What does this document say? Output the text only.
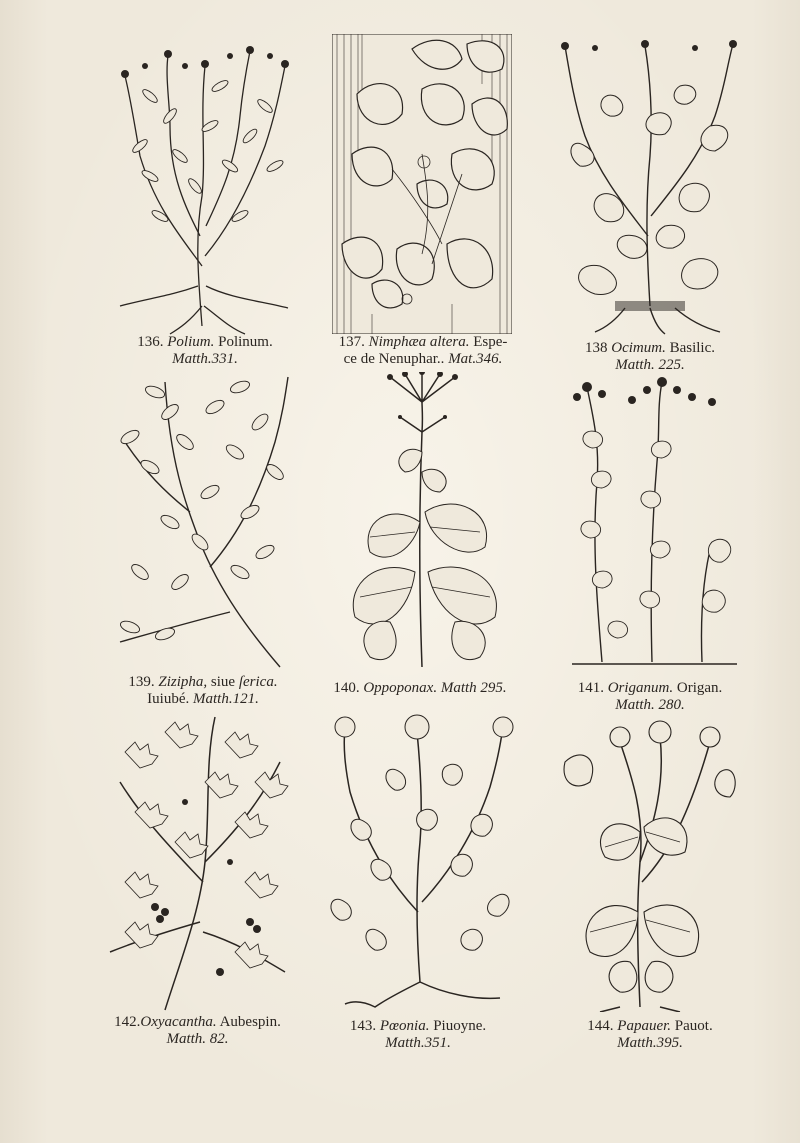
136. Polium. Polinum.
Matth.331.
137. Nimphæa altera. Espe-
ce de Nenuphar.. Mat.346.
138 Ocimum. Basilic.
Matth. 225.
139. Zizipha, siue ſerica.
Iuiubé. Matth.121.
140. Oppoponax. Matth 295.	141. Origanum. Origan.
Matth. 280.
142.Oxyacantha. Aubespin.
Matth. 82.
143. Pœonia. Piuoyne.
Matth.351.
144. Papauer. Pauot.
Matth.395.
